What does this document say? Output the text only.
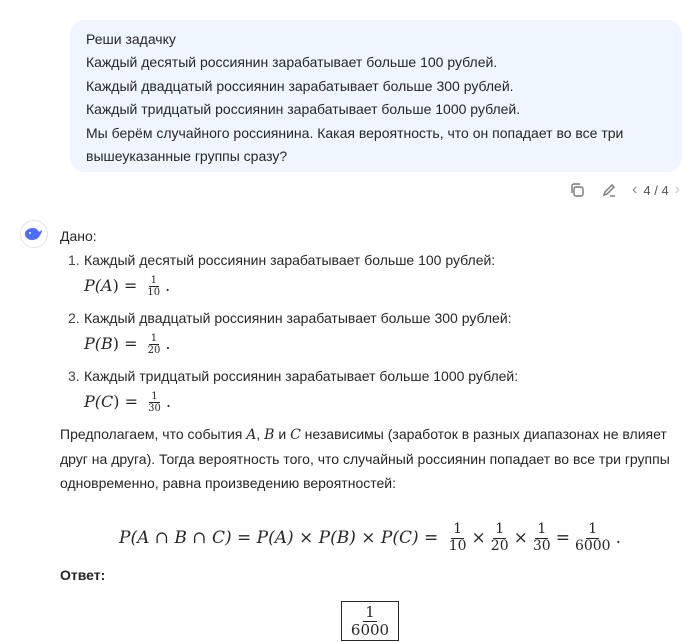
Реши задачку
Каждый десятый россиянин зарабатывает больше 100 рублей.
Каждый двадцатый россиянин зарабатывает больше 300 рублей.
Каждый тридцатый россиянин зарабатывает больше 1000 рублей.
Мы берём случайного россиянина. Какая вероятность, что он попадает во все три
вышеуказанные группы сразу?
‹ 4 / 4 ›

Дано:

1. Каждый десятый россиянин зарабатывает больше 100 рублей:
P( A ) = $\frac{1}{10}$ .
2. Каждый двадцатый россиянин зарабатывает больше 300 рублей:
P( B ) = $\frac{1}{20}$ .
3. Каждый тридцатый россиянин зарабатывает больше 1000 рублей:
P( C ) = $\frac{1}{30}$ .

Предполагаем, что события A, B и C независимы (заработок в разных диапазонах не влияет друг на друга). Тогда вероятность того, что случайный россиянин попадает во все три группы одновременно, равна произведению вероятностей:

P(A ∩ B ∩ C) = P(A) × P(B) × P(C) =
$\frac{1}{10} \times \frac{1}{20} \times \frac{1}{30} = \frac{1}{6000}$ .

Ответ:

$\frac{1}{6000}$
